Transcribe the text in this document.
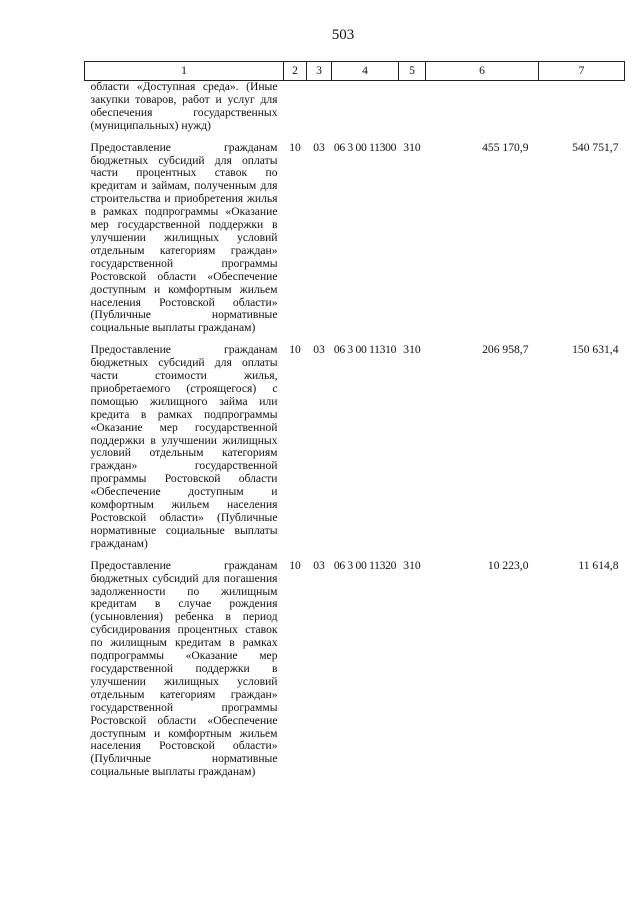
503
1	2	3	4	5	6	7
области «Доступная среда». (Иные закупки товаров, работ и услуг для обеспечения государственных (муниципальных) нужд)						

Предоставление гражданам бюджетных субсидий для оплаты части процентных ставок по кредитам и займам, полученным для строительства и приобретения жилья в рамках подпрограммы «Оказание мер государственной поддержки в улучшении жилищных условий отдельным категориям граждан» государственной программы Ростовской области «Обеспечение доступным и комфортным жильем населения Ростовской области» (Публичные нормативные социальные выплаты гражданам)	10	03	06 3 00 11300	310	455 170,9	540 751,7

Предоставление гражданам бюджетных субсидий для оплаты части стоимости жилья, приобретаемого (строящегося) с помощью жилищного займа или кредита в рамках подпрограммы «Оказание мер государственной поддержки в улучшении жилищных условий отдельным категориям граждан» государственной программы Ростовской области «Обеспечение доступным и комфортным жильем населения Ростовской области» (Публичные нормативные социальные выплаты гражданам)	10	03	06 3 00 11310	310	206 958,7	150 631,4

Предоставление гражданам бюджетных субсидий для погашения задолженности по жилищным кредитам в случае рождения (усыновления) ребенка в период субсидирования процентных ставок по жилищным кредитам в рамках подпрограммы «Оказание мер государственной поддержки в улучшении жилищных условий отдельным категориям граждан» государственной программы Ростовской области «Обеспечение доступным и комфортным жильем населения Ростовской области» (Публичные нормативные социальные выплаты гражданам)	10	03	06 3 00 11320	310	10 223,0	11 614,8
